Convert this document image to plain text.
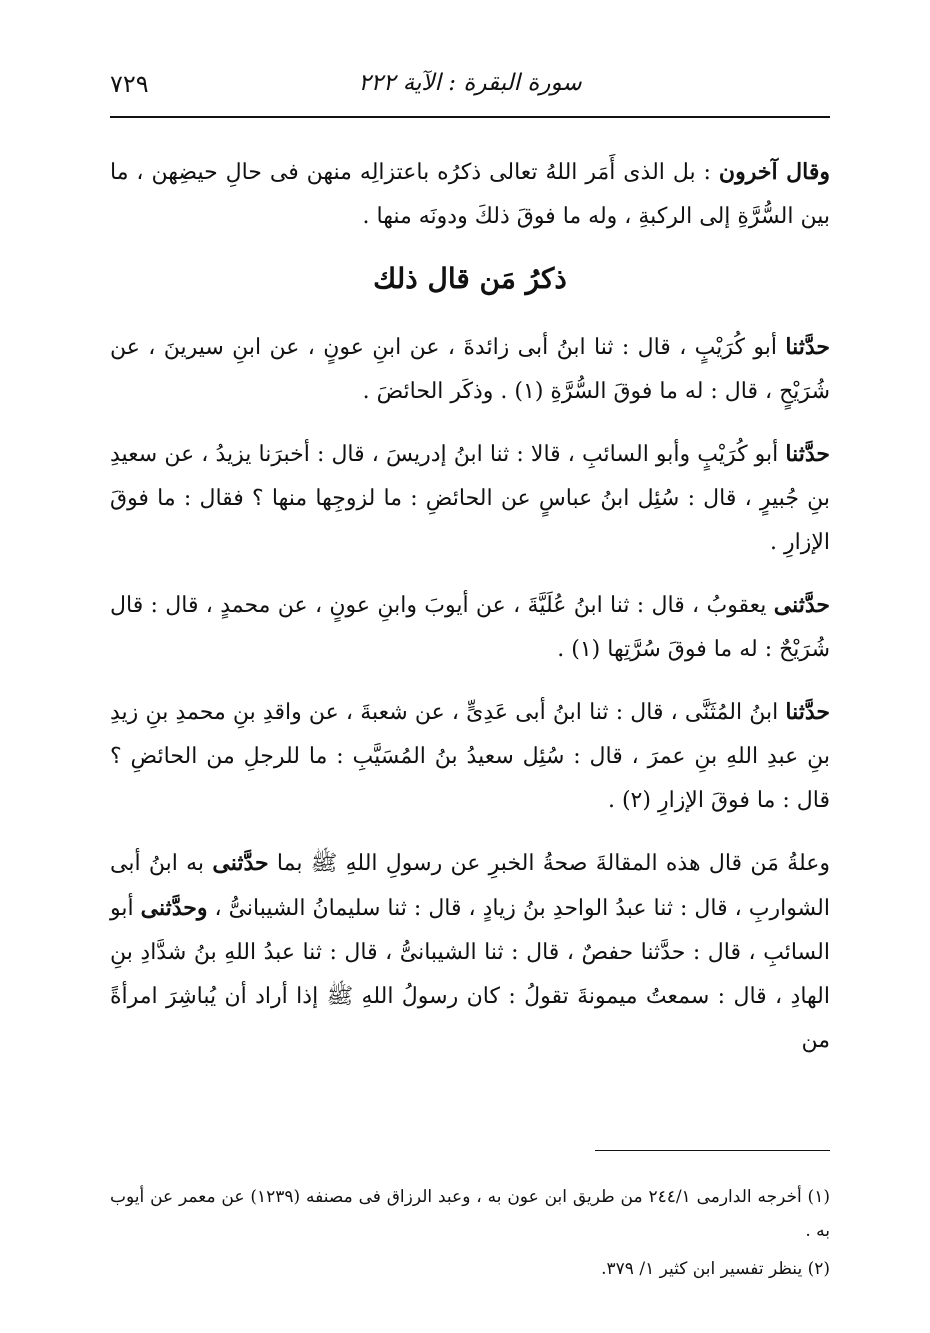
٧٢٩	سورة البقرة : الآية ٢٢٢

وقال آخرون : بل الذى أَمَر اللهُ تعالى ذكرُه باعتزالِه منهن فى حالِ حيضِهن ، ما بين السُّرَّةِ إلى الركبةِ ، وله ما فوقَ ذلكَ ودونَه منها .

ذكرُ مَن قال ذلك

حدَّثنا أبو كُرَيْبٍ ، قال : ثنا ابنُ أبى زائدةَ ، عن ابنِ عونٍ ، عن ابنِ سيرينَ ، عن شُرَيْحٍ ، قال : له ما فوقَ السُّرَّةِ (١) . وذكَر الحائضَ .

حدَّثنا أبو كُرَيْبٍ وأبو السائبِ ، قالا : ثنا ابنُ إدريسَ ، قال : أخبرَنا يزيدُ ، عن سعيدِ بنِ جُبيرٍ ، قال : سُئِل ابنُ عباسٍ عن الحائضِ : ما لزوجِها منها ؟ فقال : ما فوقَ الإزارِ .

حدَّثنى يعقوبُ ، قال : ثنا ابنُ عُلَيَّةَ ، عن أيوبَ وابنِ عونٍ ، عن محمدٍ ، قال : قال شُرَيْحٌ : له ما فوقَ سُرَّتِها (١) .

حدَّثنا ابنُ المُثَنَّى ، قال : ثنا ابنُ أبى عَدِىٍّ ، عن شعبةَ ، عن واقدِ بنِ محمدِ بنِ زيدِ بنِ عبدِ اللهِ بنِ عمرَ ، قال : سُئِل سعيدُ بنُ المُسَيَّبِ : ما للرجلِ من الحائضِ ؟ قال : ما فوقَ الإزارِ (٢) .

وعلةُ مَن قال هذه المقالةَ صحةُ الخبرِ عن رسولِ اللهِ ﷺ بما حدَّثنى به ابنُ أبى الشواربِ ، قال : ثنا عبدُ الواحدِ بنُ زيادٍ ، قال : ثنا سليمانُ الشيبانىُّ ، وحدَّثنى أبو السائبِ ، قال : حدَّثنا حفصٌ ، قال : ثنا الشيبانىُّ ، قال : ثنا عبدُ اللهِ بنُ شدَّادِ بنِ الهادِ ، قال : سمعتُ ميمونةَ تقولُ : كان رسولُ اللهِ ﷺ إذا أراد أن يُباشِرَ امرأةً من

(١) أخرجه الدارمى ٢٤٤/١ من طريق ابن عون به ، وعبد الرزاق فى مصنفه (١٢٣٩) عن معمر عن أيوب به .

(٢) ينظر تفسير ابن كثير ١/ ٣٧٩.
